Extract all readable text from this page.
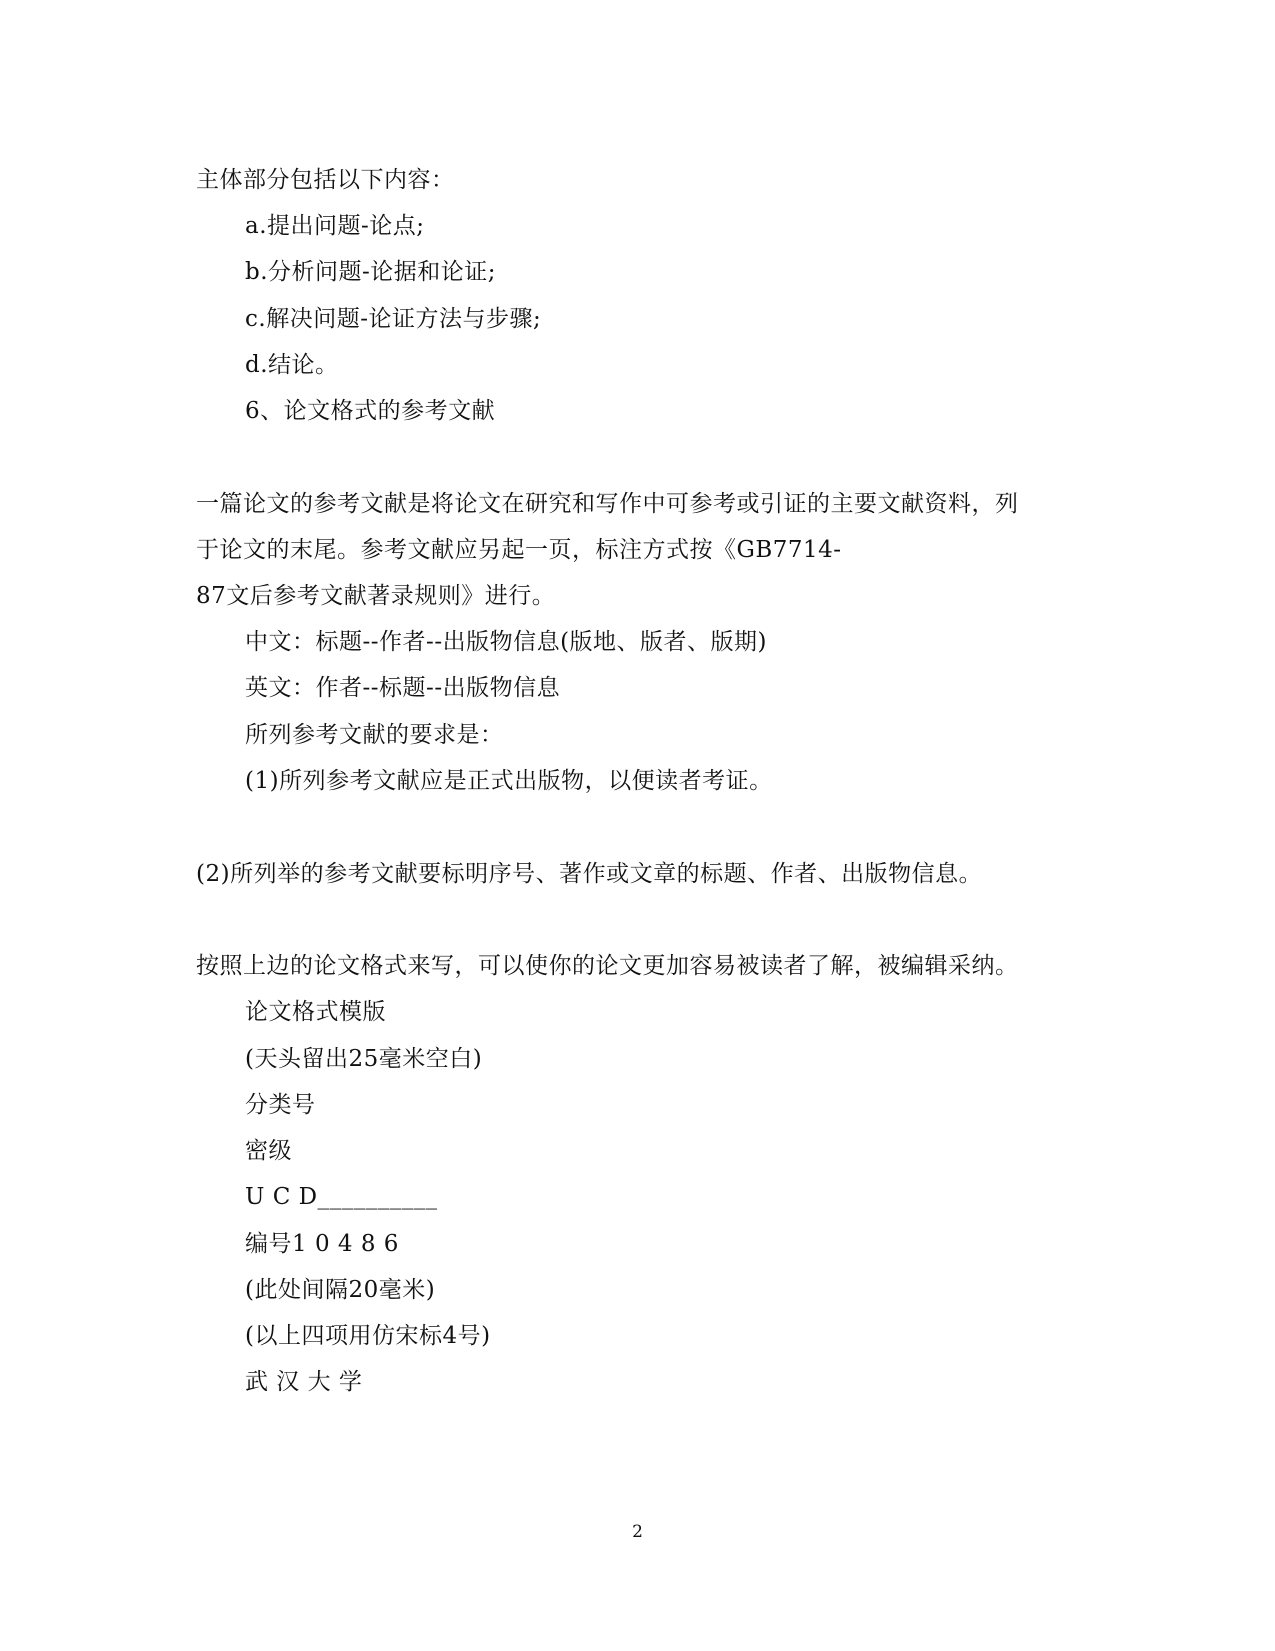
主体部分包括以下内容：
a.提出问题-论点;
b.分析问题-论据和论证;
c.解决问题-论证方法与步骤;
d.结论。
6、论文格式的参考文献
一篇论文的参考文献是将论文在研究和写作中可参考或引证的主要文献资料，列
于论文的末尾。参考文献应另起一页，标注方式按《GB7714-
87文后参考文献著录规则》进行。
中文：标题--作者--出版物信息(版地、版者、版期)
英文：作者--标题--出版物信息
所列参考文献的要求是：
(1)所列参考文献应是正式出版物，以便读者考证。
(2)所列举的参考文献要标明序号、著作或文章的标题、作者、出版物信息。
按照上边的论文格式来写，可以使你的论文更加容易被读者了解，被编辑采纳。
论文格式模版
(天头留出25毫米空白)
分类号
密级
U C D__________
编号1 0 4 8 6
(此处间隔20毫米)
(以上四项用仿宋标4号)
武 汉 大 学
2
